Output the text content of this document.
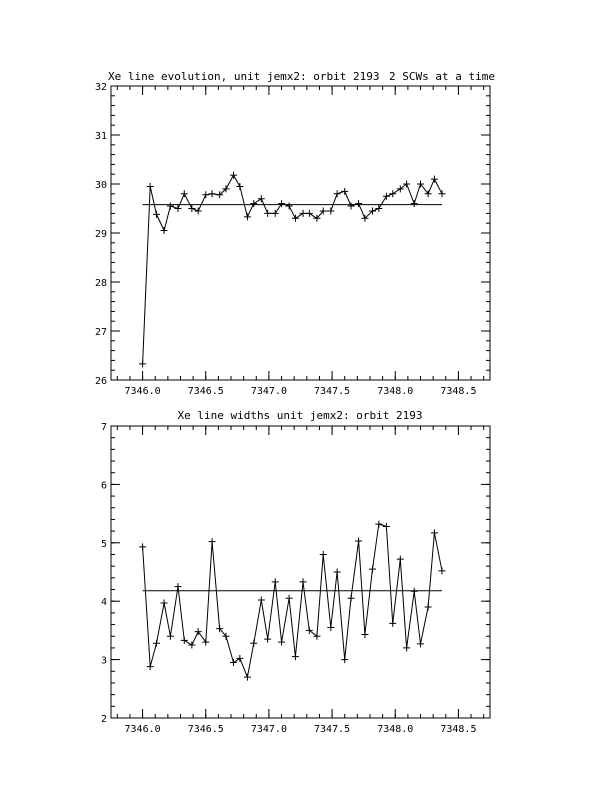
Xe line evolution, unit jemx2: orbit 2193 2 SCWs at a time
7346.0	7346.5	7347.0	7347.5	7348.0	7348.5
26
27
28
29
30
31
32
Xe line widths unit jemx2: orbit 2193
7346.0	7346.5	7347.0	7347.5	7348.0	7348.5
2
3
4
5
6
7
